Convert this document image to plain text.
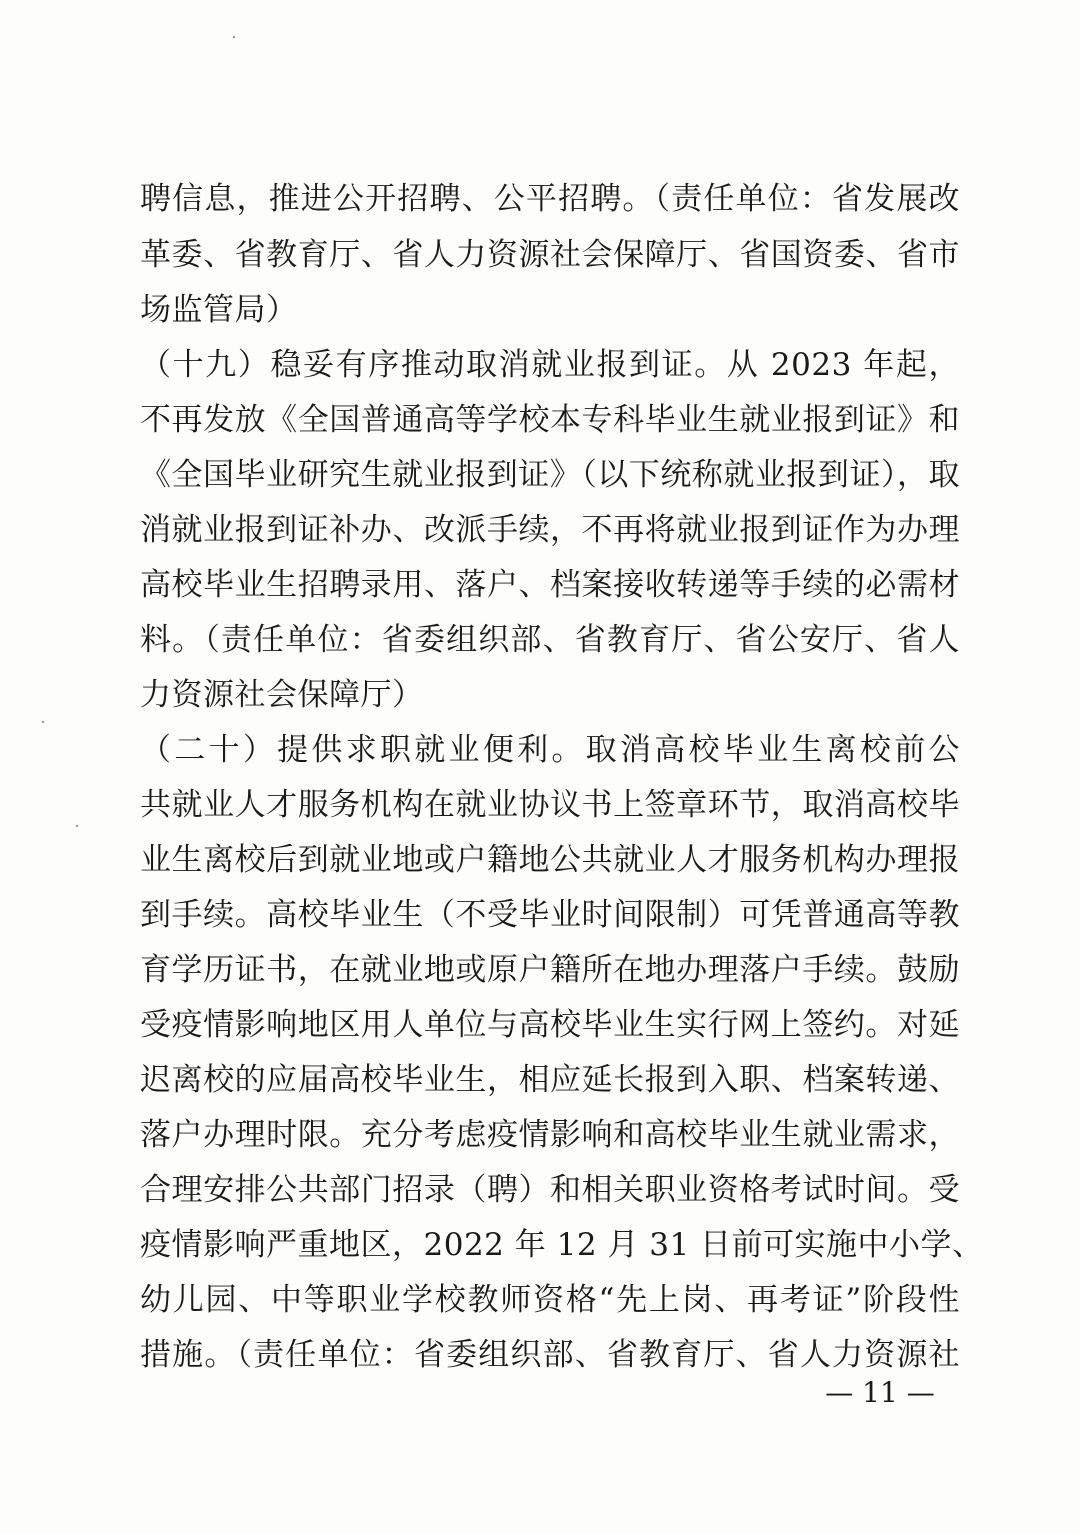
聘信息，推进公开招聘、公平招聘。（责任单位：省发展改
革委、省教育厅、省人力资源社会保障厅、省国资委、省市
场监管局）
（十九）稳妥有序推动取消就业报到证。从 2023 年起，
不再发放《全国普通高等学校本专科毕业生就业报到证》和
《全国毕业研究生就业报到证》（以下统称就业报到证），取
消就业报到证补办、改派手续，不再将就业报到证作为办理
高校毕业生招聘录用、落户、档案接收转递等手续的必需材
料。（责任单位：省委组织部、省教育厅、省公安厅、省人
力资源社会保障厅）
（二十）提供求职就业便利。取消高校毕业生离校前公
共就业人才服务机构在就业协议书上签章环节，取消高校毕
业生离校后到就业地或户籍地公共就业人才服务机构办理报
到手续。高校毕业生（不受毕业时间限制）可凭普通高等教
育学历证书，在就业地或原户籍所在地办理落户手续。鼓励
受疫情影响地区用人单位与高校毕业生实行网上签约。对延
迟离校的应届高校毕业生，相应延长报到入职、档案转递、
落户办理时限。充分考虑疫情影响和高校毕业生就业需求，
合理安排公共部门招录（聘）和相关职业资格考试时间。受
疫情影响严重地区，2022 年 12 月 31 日前可实施中小学、
幼儿园、中等职业学校教师资格“先上岗、再考证”阶段性
措施。（责任单位：省委组织部、省教育厅、省人力资源社
— 11 —
